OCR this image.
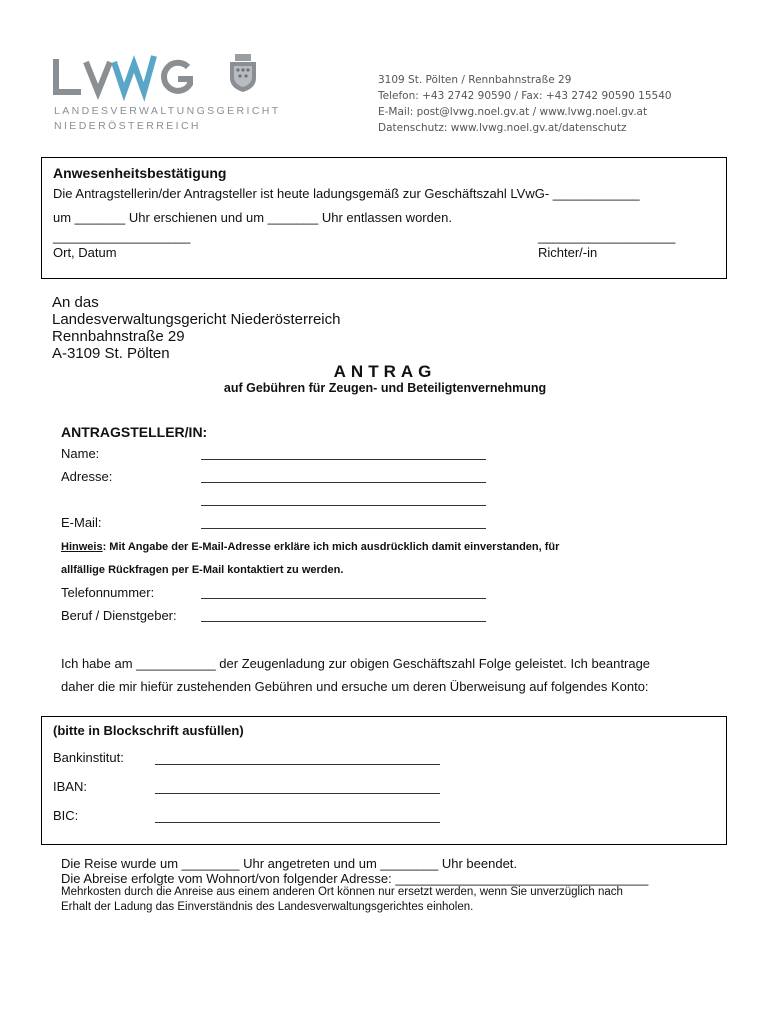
LANDESVERWALTUNGSGERICHT
NIEDERÖSTERREICH
3109 St. Pölten / Rennbahnstraße 29
Telefon: +43 2742 90590 / Fax: +43 2742 90590 15540
E-Mail: post@lvwg.noel.gv.at / www.lvwg.noel.gv.at
Datenschutz: www.lvwg.noel.gv.at/datenschutz
Anwesenheitsbestätigung
Die Antragstellerin/der Antragsteller ist heute ladungsgemäß zur Geschäftszahl LVwG- ____________
um _______ Uhr erschienen und um _______ Uhr entlassen worden.
___________________	___________________
Ort, Datum	Richter/-in
An das
Landesverwaltungsgericht Niederösterreich
Rennbahnstraße 29
A-3109 St. Pölten
ANTRAG
auf Gebühren für Zeugen- und Beteiligtenvernehmung
ANTRAGSTELLER/IN:
Name:
Adresse:
E-Mail:
Hinweis: Mit Angabe der E-Mail-Adresse erkläre ich mich ausdrücklich damit einverstanden, für
allfällige Rückfragen per E-Mail kontaktiert zu werden.
Telefonnummer:
Beruf / Dienstgeber:
Ich habe am ___________ der Zeugenladung zur obigen Geschäftszahl Folge geleistet. Ich beantrage
daher die mir hiefür zustehenden Gebühren und ersuche um deren Überweisung auf folgendes Konto:
(bitte in Blockschrift ausfüllen)
Bankinstitut:
IBAN:
BIC:
Die Reise wurde um ________ Uhr angetreten und um ________ Uhr beendet.
Die Abreise erfolgte vom Wohnort/von folgender Adresse: ___________________________________
Mehrkosten durch die Anreise aus einem anderen Ort können nur ersetzt werden, wenn Sie unverzüglich nach
Erhalt der Ladung das Einverständnis des Landesverwaltungsgerichtes einholen.
